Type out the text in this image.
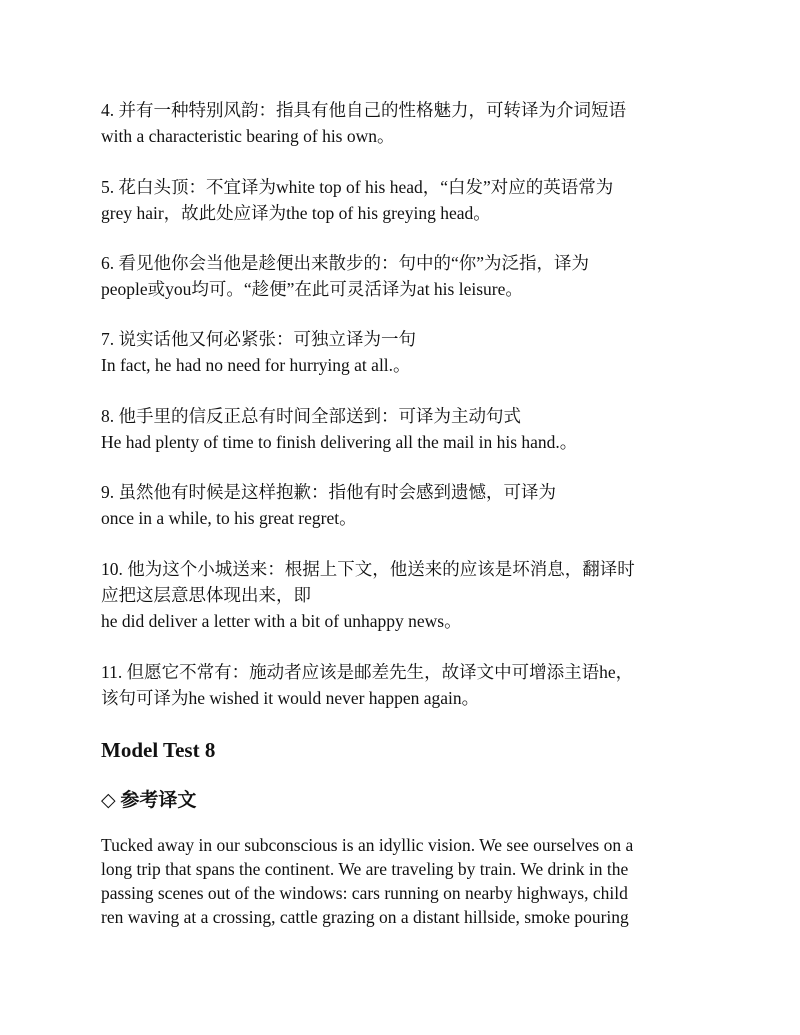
4. 并有一种特别风韵：指具有他自己的性格魅力，可转译为介词短语
with a characteristic bearing of his own。
5. 花白头顶：不宜译为white top of his head，“白发”对应的英语常为
grey hair，故此处应译为the top of his greying head。
6. 看见他你会当他是趁便出来散步的：句中的“你”为泛指，译为
people或you均可。“趁便”在此可灵活译为at his leisure。
7. 说实话他又何必紧张：可独立译为一句
In fact, he had no need for hurrying at all.。
8. 他手里的信反正总有时间全部送到：可译为主动句式
He had plenty of time to finish delivering all the mail in his hand.。
9. 虽然他有时候是这样抱歉：指他有时会感到遗憾，可译为
once in a while, to his great regret。
10. 他为这个小城送来：根据上下文，他送来的应该是坏消息，翻译时
应把这层意思体现出来，即
he did deliver a letter with a bit of unhappy news。
11. 但愿它不常有：施动者应该是邮差先生，故译文中可增添主语he，
该句可译为he wished it would never happen again。
Model Test 8
◇ 参考译文
Tucked away in our subconscious is an idyllic vision. We see ourselves on a
long trip that spans the continent. We are traveling by train. We drink in the
passing scenes out of the windows: cars running on nearby highways, child
ren waving at a crossing, cattle grazing on a distant hillside, smoke pouring
